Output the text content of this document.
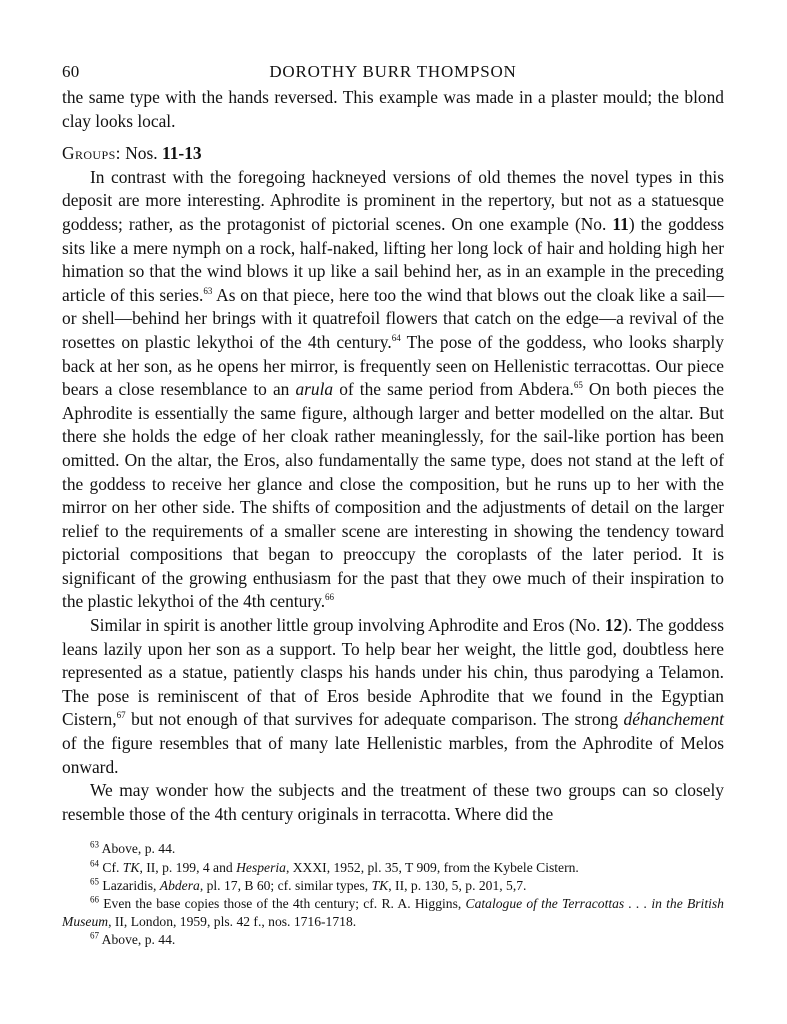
60	DOROTHY BURR THOMPSON

the same type with the hands reversed. This example was made in a plaster mould; the blond clay looks local.

Groups: Nos. 11-13

In contrast with the foregoing hackneyed versions of old themes the novel types in this deposit are more interesting. Aphrodite is prominent in the repertory, but not as a statuesque goddess; rather, as the protagonist of pictorial scenes. On one example (No. 11) the goddess sits like a mere nymph on a rock, half-naked, lifting her long lock of hair and holding high her himation so that the wind blows it up like a sail behind her, as in an example in the preceding article of this series.$^{63}$ As on that piece, here too the wind that blows out the cloak like a sail—or shell—behind her brings with it quatrefoil flowers that catch on the edge—a revival of the rosettes on plastic lekythoi of the 4th century.$^{64}$ The pose of the goddess, who looks sharply back at her son, as he opens her mirror, is frequently seen on Hellenistic terracottas. Our piece bears a close resemblance to an arula of the same period from Abdera.$^{65}$ On both pieces the Aphrodite is essentially the same figure, although larger and better modelled on the altar. But there she holds the edge of her cloak rather meaninglessly, for the sail-like portion has been omitted. On the altar, the Eros, also fundamentally the same type, does not stand at the left of the goddess to receive her glance and close the composition, but he runs up to her with the mirror on her other side. The shifts of composition and the adjustments of detail on the larger relief to the requirements of a smaller scene are interesting in showing the tendency toward pictorial compositions that began to preoccupy the coroplasts of the later period. It is significant of the growing enthusiasm for the past that they owe much of their inspiration to the plastic lekythoi of the 4th century.$^{66}$

Similar in spirit is another little group involving Aphrodite and Eros (No. 12). The goddess leans lazily upon her son as a support. To help bear her weight, the little god, doubtless here represented as a statue, patiently clasps his hands under his chin, thus parodying a Telamon. The pose is reminiscent of that of Eros beside Aphrodite that we found in the Egyptian Cistern,$^{67}$ but not enough of that survives for adequate comparison. The strong déhanchement of the figure resembles that of many late Hellenistic marbles, from the Aphrodite of Melos onward.

We may wonder how the subjects and the treatment of these two groups can so closely resemble those of the 4th century originals in terracotta. Where did the

$^{63}$ Above, p. 44.

$^{64}$ Cf. TK, II, p. 199, 4 and Hesperia, XXXI, 1952, pl. 35, T 909, from the Kybele Cistern.

$^{65}$ Lazaridis, Abdera, pl. 17, B 60; cf. similar types, TK, II, p. 130, 5, p. 201, 5,7.

$^{66}$ Even the base copies those of the 4th century; cf. R. A. Higgins, Catalogue of the Terracottas . . . in the British Museum, II, London, 1959, pls. 42 f., nos. 1716-1718.

$^{67}$ Above, p. 44.
